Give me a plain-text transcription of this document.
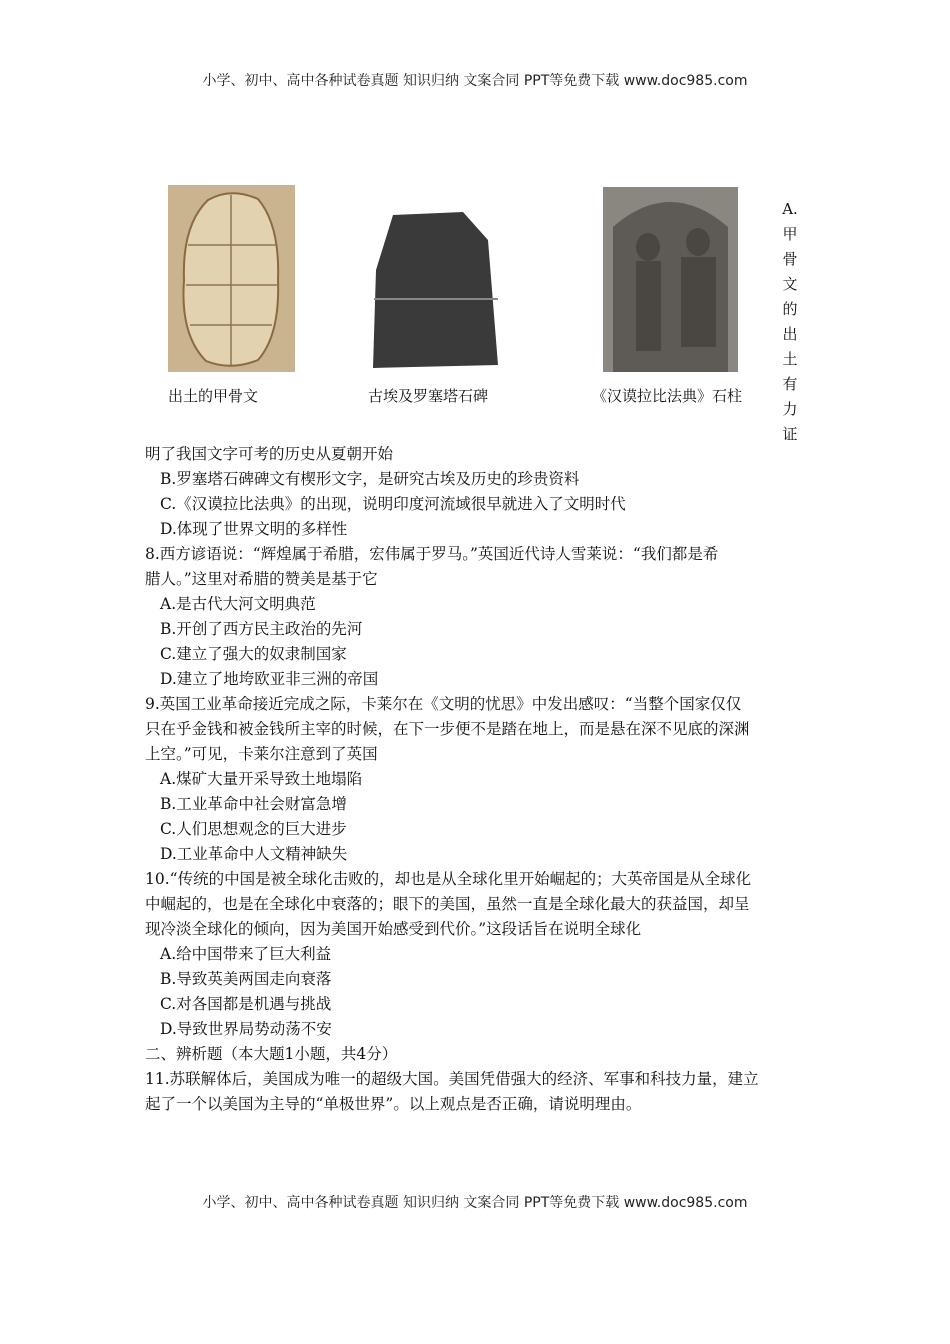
小学、初中、高中各种试卷真题 知识归纳 文案合同 PPT等免费下载 www.doc985.com
出土的甲骨文	古埃及罗塞塔石碑	《汉谟拉比法典》石柱
A.
甲
骨
文
的
出
土
有
力
证
明了我国文字可考的历史从夏朝开始
B.罗塞塔石碑碑文有楔形文字，是研究古埃及历史的珍贵资料
C.《汉谟拉比法典》的出现，说明印度河流域很早就进入了文明时代
D.体现了世界文明的多样性
8.西方谚语说：“辉煌属于希腊，宏伟属于罗马。”英国近代诗人雪莱说：“我们都是希
腊人。”这里对希腊的赞美是基于它
A.是古代大河文明典范
B.开创了西方民主政治的先河
C.建立了强大的奴隶制国家
D.建立了地垮欧亚非三洲的帝国
9.英国工业革命接近完成之际，卡莱尔在《文明的忧思》中发出感叹：“当整个国家仅仅
只在乎金钱和被金钱所主宰的时候，在下一步便不是踏在地上，而是悬在深不见底的深渊
上空。”可见，卡莱尔注意到了英国
A.煤矿大量开采导致土地塌陷
B.工业革命中社会财富急增
C.人们思想观念的巨大进步
D.工业革命中人文精神缺失
10.“传统的中国是被全球化击败的，却也是从全球化里开始崛起的；大英帝国是从全球化
中崛起的，也是在全球化中衰落的；眼下的美国，虽然一直是全球化最大的获益国，却呈
现冷淡全球化的倾向，因为美国开始感受到代价。”这段话旨在说明全球化
A.给中国带来了巨大利益
B.导致英美两国走向衰落
C.对各国都是机遇与挑战
D.导致世界局势动荡不安
二、辨析题（本大题1小题，共4分）
11.苏联解体后，美国成为唯一的超级大国。美国凭借强大的经济、军事和科技力量，建立
起了一个以美国为主导的“单极世界”。以上观点是否正确，请说明理由。
小学、初中、高中各种试卷真题 知识归纳 文案合同 PPT等免费下载 www.doc985.com
